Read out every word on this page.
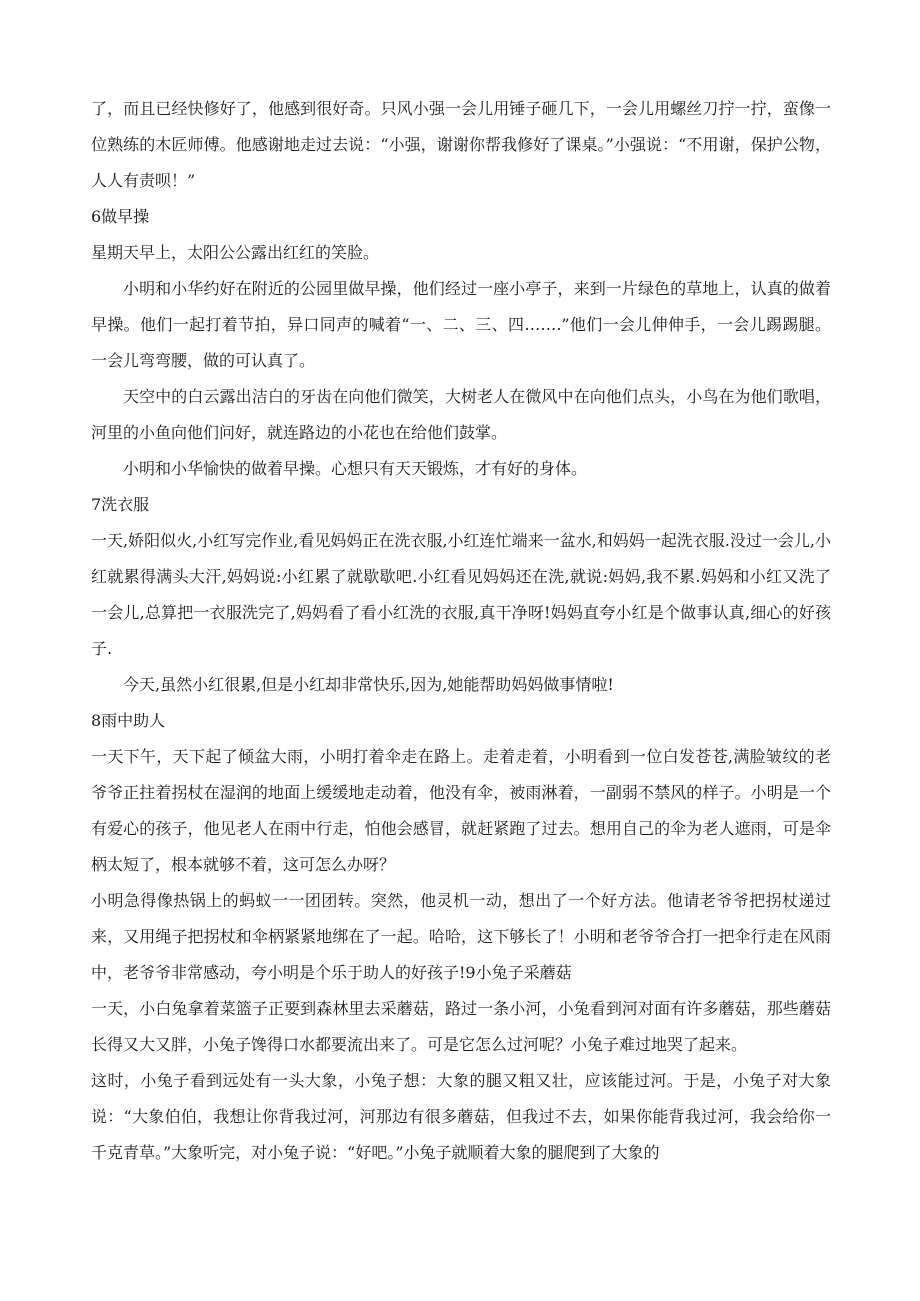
了，而且已经快修好了，他感到很好奇。只风小强一会儿用锤子砸几下，一会儿用螺丝刀拧一拧，蛮像一位熟练的木匠师傅。他感谢地走过去说：“小强，谢谢你帮我修好了课桌。”小强说：“不用谢，保护公物，人人有责呗！”

6做早操

星期天早上，太阳公公露出红红的笑脸。

小明和小华约好在附近的公园里做早操，他们经过一座小亭子，来到一片绿色的草地上，认真的做着早操。他们一起打着节拍，异口同声的喊着“一、二、三、四…….”他们一会儿伸伸手，一会儿踢踢腿。一会儿弯弯腰，做的可认真了。

天空中的白云露出洁白的牙齿在向他们微笑，大树老人在微风中在向他们点头，小鸟在为他们歌唱，河里的小鱼向他们问好，就连路边的小花也在给他们鼓掌。

小明和小华愉快的做着早操。心想只有天天锻炼，才有好的身体。

7洗衣服

一天,娇阳似火,小红写完作业,看见妈妈正在洗衣服,小红连忙端来一盆水,和妈妈一起洗衣服.没过一会儿,小红就累得满头大汗,妈妈说:小红累了就歇歇吧.小红看见妈妈还在洗,就说:妈妈,我不累.妈妈和小红又洗了一会儿,总算把一衣服洗完了,妈妈看了看小红洗的衣服,真干净呀!妈妈直夸小红是个做事认真,细心的好孩子.

今天,虽然小红很累,但是小红却非常快乐,因为,她能帮助妈妈做事情啦!

8雨中助人

一天下午，天下起了倾盆大雨，小明打着伞走在路上。走着走着，小明看到一位白发苍苍,满脸皱纹的老爷爷正拄着拐杖在湿润的地面上缓缓地走动着，他没有伞，被雨淋着，一副弱不禁风的样子。小明是一个有爱心的孩子，他见老人在雨中行走，怕他会感冒，就赶紧跑了过去。想用自己的伞为老人遮雨，可是伞柄太短了，根本就够不着，这可怎么办呀？

小明急得像热锅上的蚂蚁一一团团转。突然，他灵机一动，想出了一个好方法。他请老爷爷把拐杖递过来，又用绳子把拐杖和伞柄紧紧地绑在了一起。哈哈，这下够长了！小明和老爷爷合打一把伞行走在风雨中，老爷爷非常感动，夸小明是个乐于助人的好孩子!9小兔子采蘑菇

一天，小白兔拿着菜篮子正要到森林里去采蘑菇，路过一条小河，小兔看到河对面有许多蘑菇，那些蘑菇长得又大又胖，小兔子馋得口水都要流出来了。可是它怎么过河呢？小兔子难过地哭了起来。

这时，小兔子看到远处有一头大象，小兔子想：大象的腿又粗又壮，应该能过河。于是，小兔子对大象说：“大象伯伯，我想让你背我过河，河那边有很多蘑菇，但我过不去，如果你能背我过河，我会给你一千克青草。”大象听完，对小兔子说：“好吧。”小兔子就顺着大象的腿爬到了大象的
